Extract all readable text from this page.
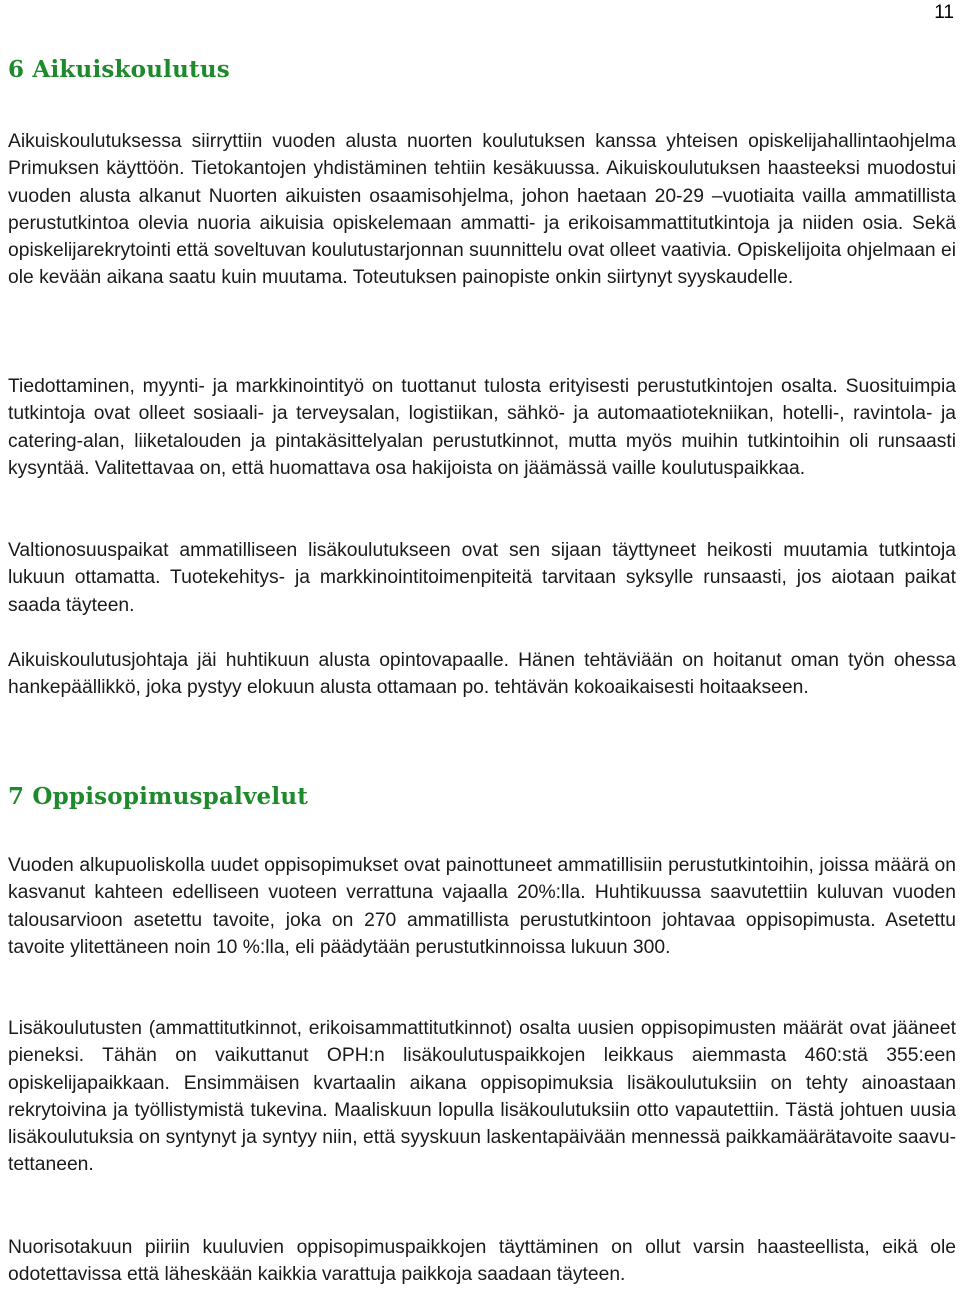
11
6 Aikuiskoulutus

Aikuiskoulutuksessa siirryttiin vuoden alusta nuorten koulutuksen kanssa yhteisen opiskelijahallintaohjelma Primuksen käyttöön. Tietokantojen yhdistäminen tehtiin kesäkuussa. Aikuiskoulutuksen haasteeksi muodostui vuoden alusta alkanut Nuorten aikuisten osaamisohjelma, johon haetaan 20-29 –vuotiaita vailla ammatillista perustutkintoa olevia nuoria aikuisia opiskelemaan ammatti- ja erikoisammattitutkintoja ja niiden osia. Sekä opiskelijarekrytointi että soveltuvan koulutustarjonnan suunnittelu ovat olleet vaativia. Opiskelijoita ohjelmaan ei ole kevään aikana saatu kuin muutama. Toteutuksen painopiste onkin siirtynyt syyskaudelle.

Tiedottaminen, myynti- ja markkinointityö on tuottanut tulosta erityisesti perustutkintojen osalta. Suosituimpia tutkintoja ovat olleet sosiaali- ja terveysalan, logistiikan, sähkö- ja automaatiotekniikan, hotelli-, ravintola- ja catering-alan, liiketalouden ja pintakäsittelyalan perustutkinnot, mutta myös muihin tutkintoihin oli runsaasti kysyntää. Valitettavaa on, että huomattava osa hakijoista on jäämässä vaille koulutuspaikkaa.

Valtionosuuspaikat ammatilliseen lisäkoulutukseen ovat sen sijaan täyttyneet heikosti muutamia tutkintoja lukuun ottamatta. Tuotekehitys- ja markkinointitoimenpiteitä tarvitaan syksylle runsaasti, jos aiotaan paikat saada täyteen.

Aikuiskoulutusjohtaja jäi huhtikuun alusta opintovapaalle. Hänen tehtäviään on hoitanut oman työn ohessa hankepäällikkö, joka pystyy elokuun alusta ottamaan po. tehtävän kokoaikaisesti hoitaakseen.

7 Oppisopimuspalvelut

Vuoden alkupuoliskolla uudet oppisopimukset ovat painottuneet ammatillisiin perustutkintoihin, joissa määrä on kasvanut kahteen edelliseen vuoteen verrattuna vajaalla 20%:lla. Huhtikuussa saavutettiin kuluvan vuoden talousarvioon asetettu tavoite, joka on 270 ammatillista perustutkintoon johtavaa oppisopimusta. Asetettu tavoite ylitettäneen noin 10 %:lla, eli päädytään perustutkinnoissa lukuun 300.

Lisäkoulutusten (ammattitutkinnot, erikoisammattitutkinnot) osalta uusien oppisopimusten määrät ovat jääneet pieneksi. Tähän on vaikuttanut OPH:n lisäkoulutuspaikkojen leikkaus aiemmasta 460:stä 355:een opiskelijapaikkaan. Ensimmäisen kvartaalin aikana oppisopimuksia lisäkoulutuksiin on tehty ainoastaan rekrytoivina ja työllistymistä tukevina. Maaliskuun lopulla lisäkoulutuksiin otto vapautettiin. Tästä johtuen uusia lisäkoulutuksia on syntynyt ja syntyy niin, että syyskuun laskentapäivään mennessä paikkamäärätavoite saavutettaneen.

Nuorisotakuun piiriin kuuluvien oppisopimuspaikkojen täyttäminen on ollut varsin haasteellista, eikä ole odotettavissa että läheskään kaikkia varattuja paikkoja saadaan täyteen.
